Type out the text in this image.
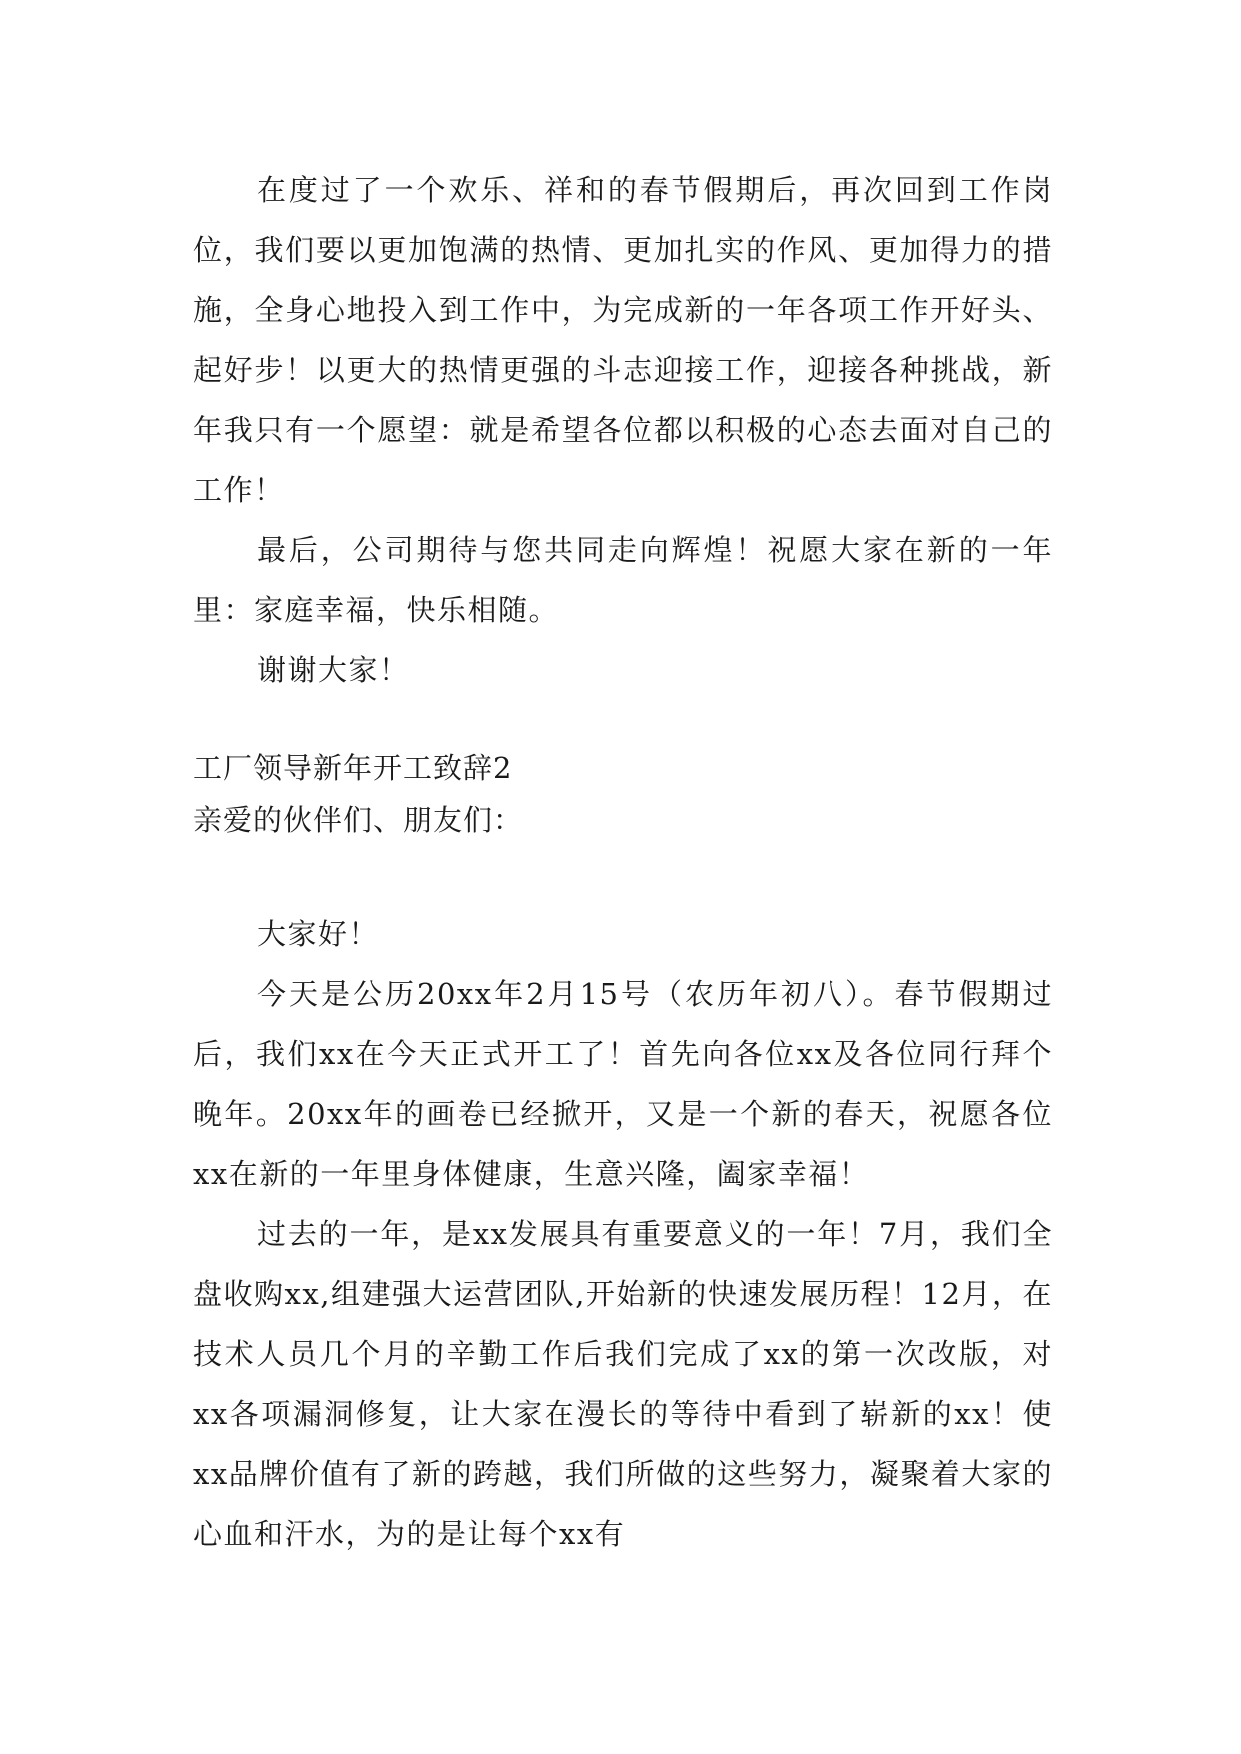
在度过了一个欢乐、祥和的春节假期后，再次回到工作岗位，我们要以更加饱满的热情、更加扎实的作风、更加得力的措施，全身心地投入到工作中，为完成新的一年各项工作开好头、起好步！以更大的热情更强的斗志迎接工作，迎接各种挑战，新年我只有一个愿望：就是希望各位都以积极的心态去面对自己的工作！

最后，公司期待与您共同走向辉煌！祝愿大家在新的一年里：家庭幸福，快乐相随。

谢谢大家！

工厂领导新年开工致辞2

亲爱的伙伴们、朋友们：

大家好！

今天是公历20xx年2月15号（农历年初八）。春节假期过后，我们xx在今天正式开工了！首先向各位xx及各位同行拜个晚年。20xx年的画卷已经掀开，又是一个新的春天，祝愿各位xx在新的一年里身体健康，生意兴隆，阖家幸福！

过去的一年，是xx发展具有重要意义的一年！7月，我们全盘收购xx,组建强大运营团队,开始新的快速发展历程！12月，在技术人员几个月的辛勤工作后我们完成了xx的第一次改版，对xx各项漏洞修复，让大家在漫长的等待中看到了崭新的xx！使xx品牌价值有了新的跨越，我们所做的这些努力，凝聚着大家的心血和汗水，为的是让每个xx有
